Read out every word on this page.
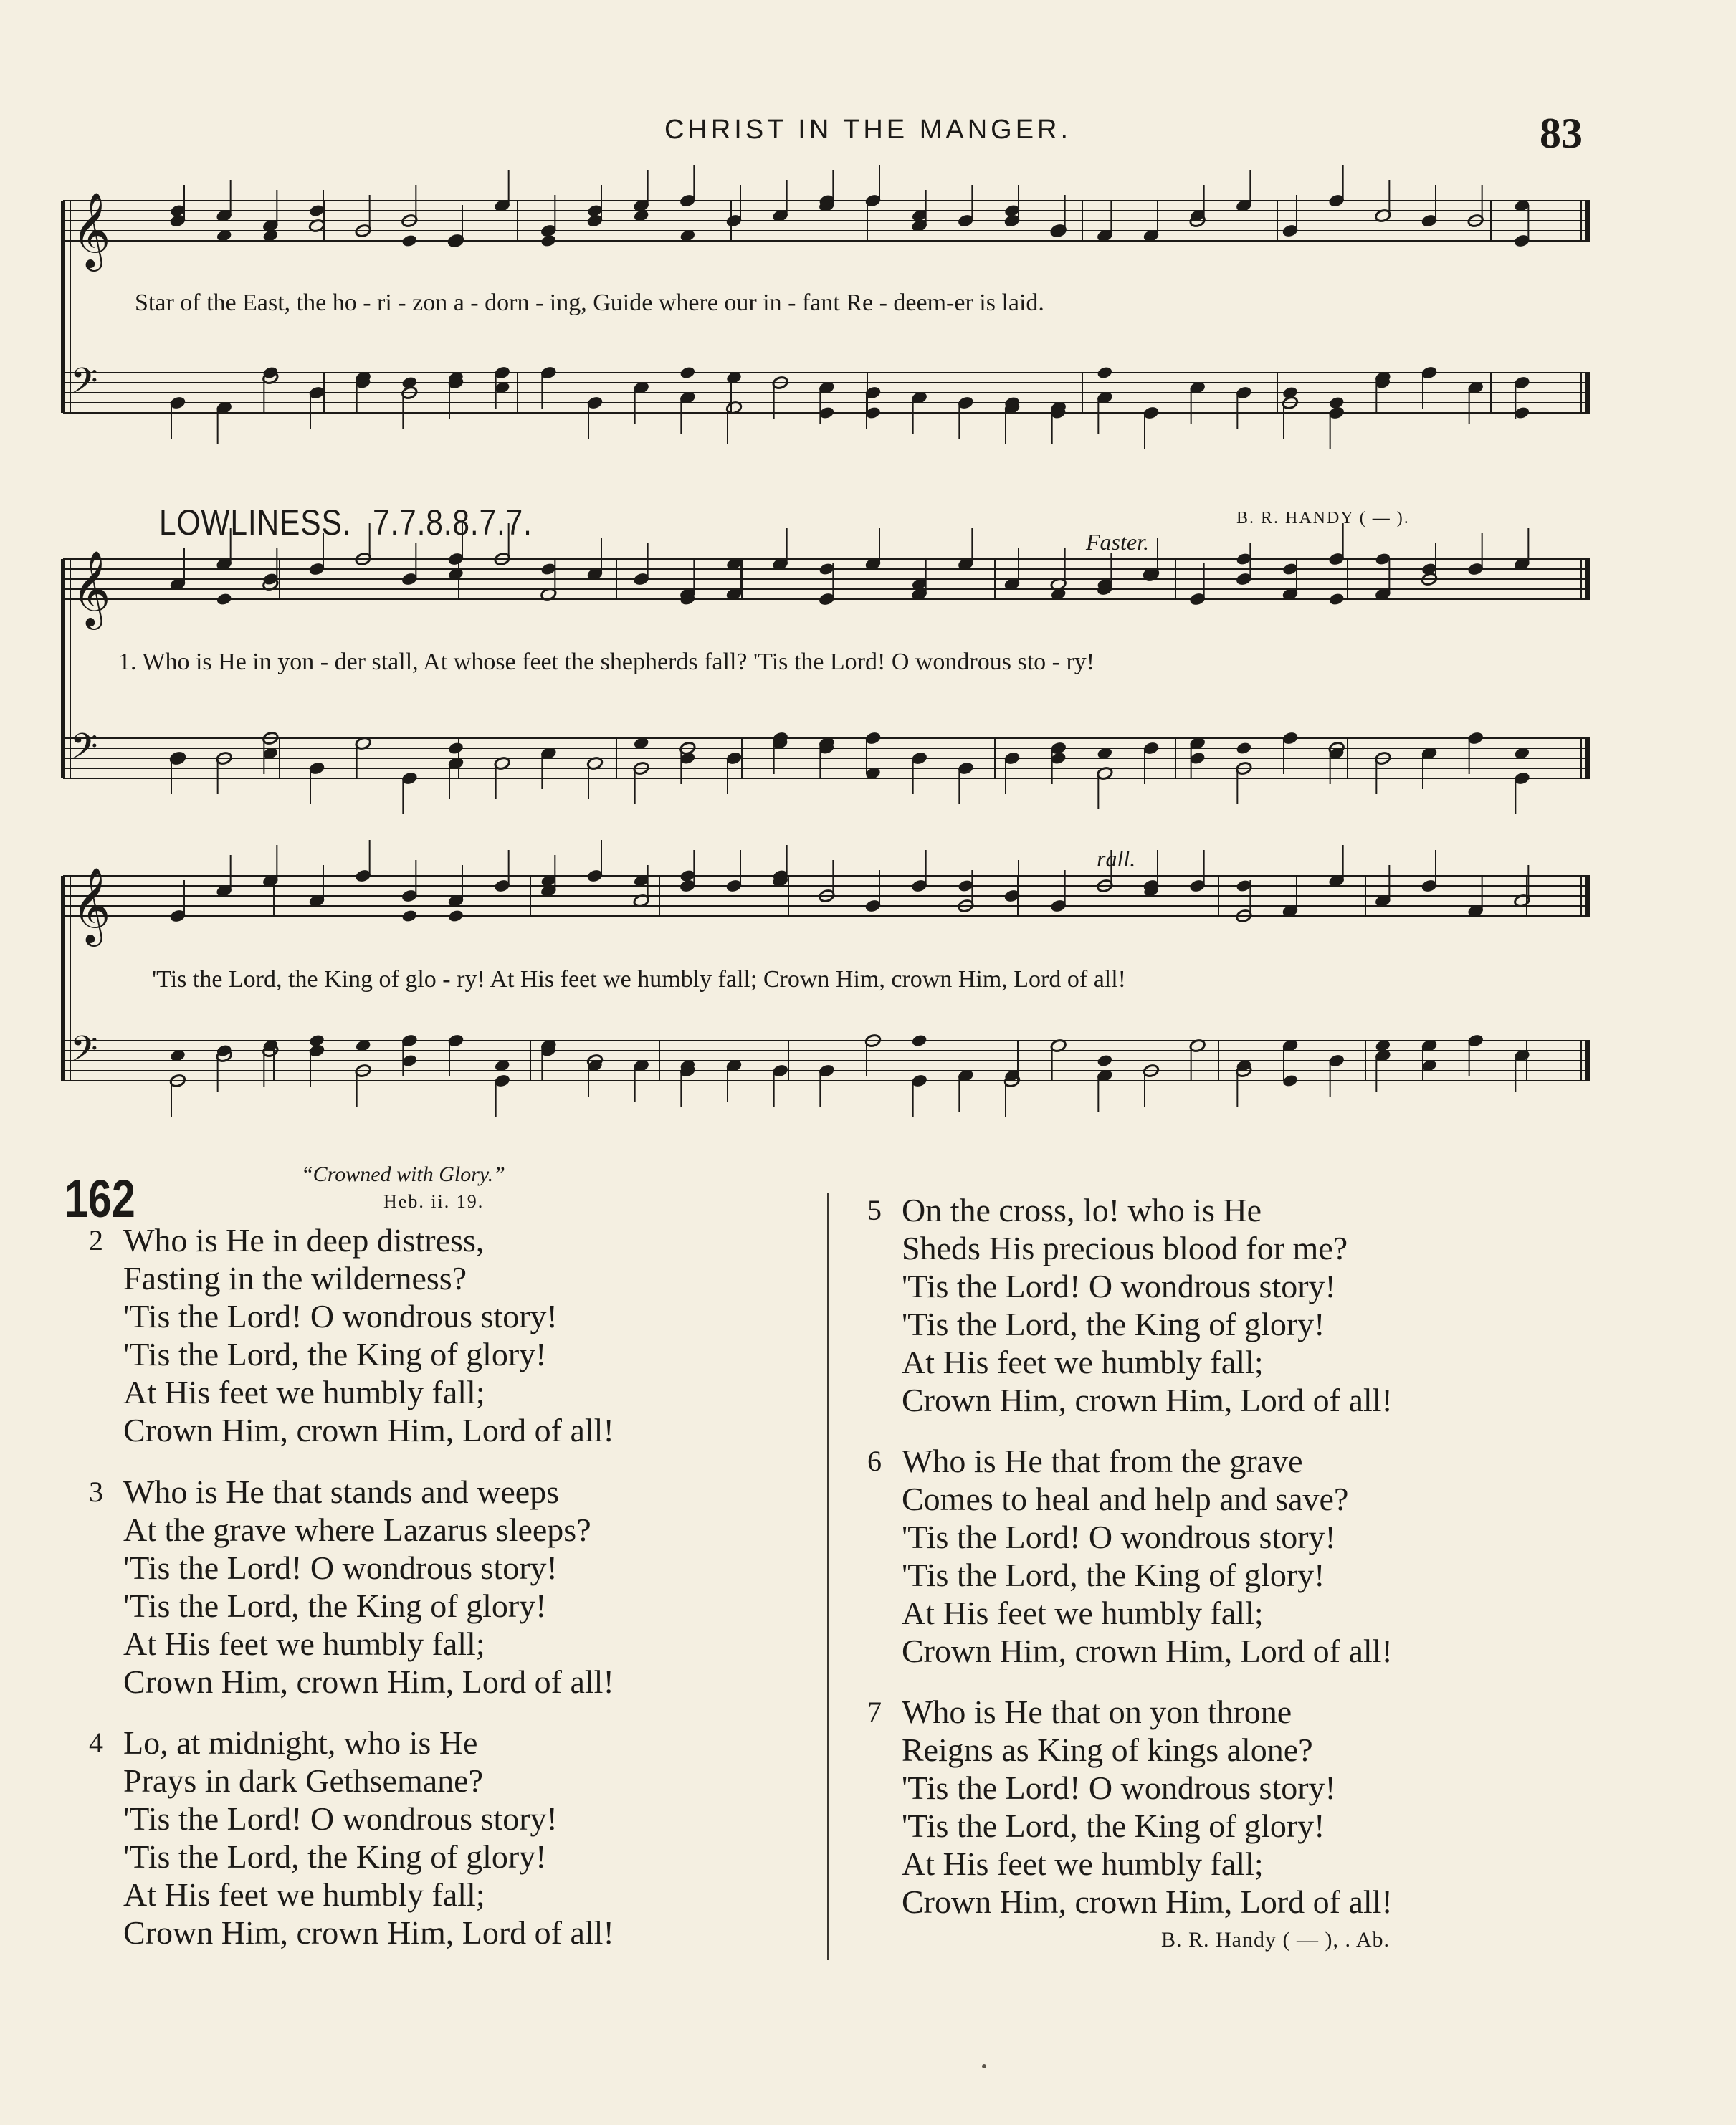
CHRIST IN THE MANGER.	83
𝄞
𝄢
𝄞
𝄢
𝄞
𝄢
Star of the East, the ho - ri - zon a - dorn - ing, Guide where our in - fant Re - deem-er is laid.
LOWLINESS. 7.7.8.8.7.7.	B. R. HANDY ( — ).
Faster.
1. Who is He in yon - der stall, At whose feet the shepherds fall? 'Tis the Lord! O wondrous sto - ry!
rall.
'Tis the Lord, the King of glo - ry! At His feet we humbly fall; Crown Him, crown Him, Lord of all!
162	“Crowned with Glory.”
Heb. ii. 19.
2 Who is He in deep distress,
Fasting in the wilderness?
'Tis the Lord! O wondrous story!
'Tis the Lord, the King of glory!
At His feet we humbly fall;
Crown Him, crown Him, Lord of all!
3 Who is He that stands and weeps
At the grave where Lazarus sleeps?
'Tis the Lord! O wondrous story!
'Tis the Lord, the King of glory!
At His feet we humbly fall;
Crown Him, crown Him, Lord of all!
4 Lo, at midnight, who is He
Prays in dark Gethsemane?
'Tis the Lord! O wondrous story!
'Tis the Lord, the King of glory!
At His feet we humbly fall;
Crown Him, crown Him, Lord of all!
5 On the cross, lo! who is He
Sheds His precious blood for me?
'Tis the Lord! O wondrous story!
'Tis the Lord, the King of glory!
At His feet we humbly fall;
Crown Him, crown Him, Lord of all!
6 Who is He that from the grave
Comes to heal and help and save?
'Tis the Lord! O wondrous story!
'Tis the Lord, the King of glory!
At His feet we humbly fall;
Crown Him, crown Him, Lord of all!
7 Who is He that on yon throne
Reigns as King of kings alone?
'Tis the Lord! O wondrous story!
'Tis the Lord, the King of glory!
At His feet we humbly fall;
Crown Him, crown Him, Lord of all!
B. R. Handy ( — ), . Ab.
